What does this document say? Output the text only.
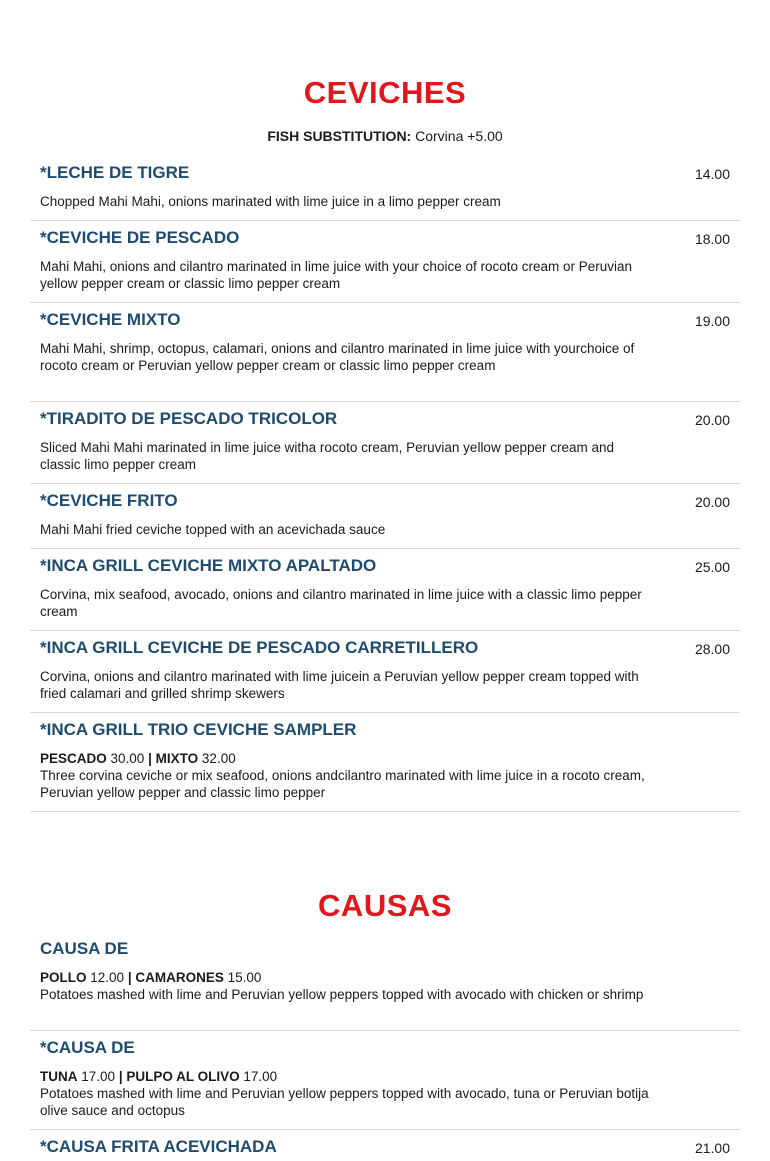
CEVICHES

FISH SUBSTITUTION: Corvina +5.00

*LECHE DE TIGRE	14.00
Chopped Mahi Mahi, onions marinated with lime juice in a limo pepper cream
*CEVICHE DE PESCADO	18.00
Mahi Mahi, onions and cilantro marinated in lime juice with your choice of rocoto cream or Peruvian yellow pepper cream or classic limo pepper cream
*CEVICHE MIXTO	19.00
Mahi Mahi, shrimp, octopus, calamari, onions and cilantro marinated in lime juice with yourchoice of rocoto cream or Peruvian yellow pepper cream or classic limo pepper cream
*TIRADITO DE PESCADO TRICOLOR	20.00
Sliced Mahi Mahi marinated in lime juice witha rocoto cream, Peruvian yellow pepper cream and classic limo pepper cream
*CEVICHE FRITO	20.00
Mahi Mahi fried ceviche topped with an acevichada sauce
*INCA GRILL CEVICHE MIXTO APALTADO	25.00
Corvina, mix seafood, avocado, onions and cilantro marinated in lime juice with a classic limo pepper cream
*INCA GRILL CEVICHE DE PESCADO CARRETILLERO	28.00
Corvina, onions and cilantro marinated with lime juicein a Peruvian yellow pepper cream topped with fried calamari and grilled shrimp skewers
*INCA GRILL TRIO CEVICHE SAMPLER
PESCADO 30.00 | MIXTO 32.00
Three corvina ceviche or mix seafood, onions andcilantro marinated with lime juice in a rocoto cream, Peruvian yellow pepper and classic limo pepper
CAUSAS
CAUSA DE
POLLO 12.00 | CAMARONES 15.00
Potatoes mashed with lime and Peruvian yellow peppers topped with avocado with chicken or shrimp
*CAUSA DE
TUNA 17.00 | PULPO AL OLIVO 17.00
Potatoes mashed with lime and Peruvian yellow peppers topped with avocado, tuna or Peruvian botija olive sauce and octopus
*CAUSA FRITA ACEVICHADA	21.00
